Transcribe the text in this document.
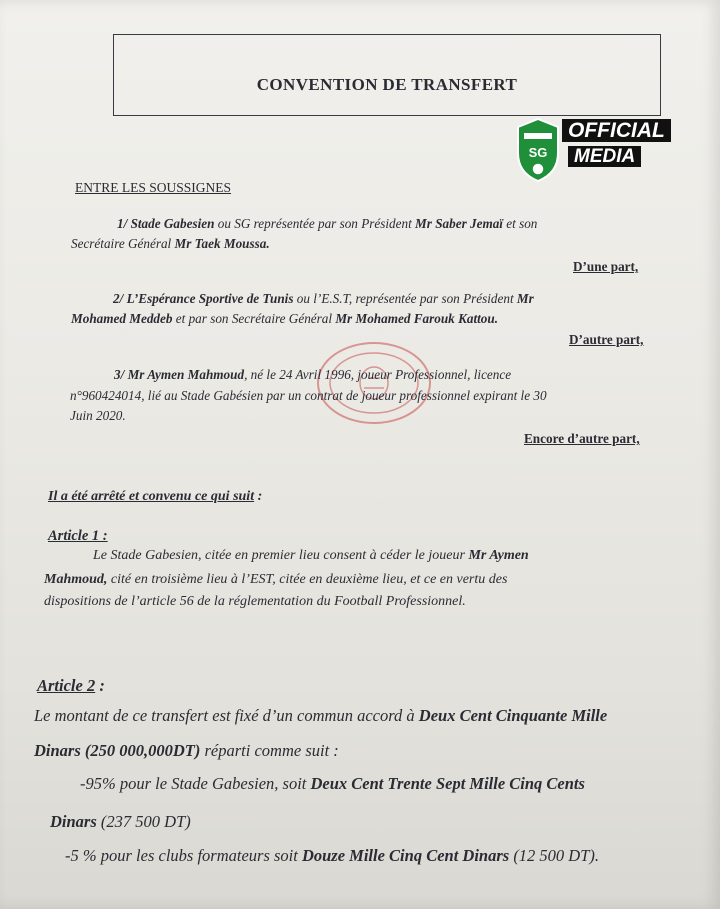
CONVENTION DE TRANSFERT
SG
OFFICIAL
MEDIA
ENTRE LES SOUSSIGNES
1/ Stade Gabesien ou SG représentée par son Président Mr Saber Jemaï et son
Secrétaire Général Mr Taek Moussa.
D’une part,
2/ L’Espérance Sportive de Tunis ou l’E.S.T, représentée par son Président Mr
Mohamed Meddeb et par son Secrétaire Général Mr Mohamed Farouk Kattou.
D’autre part,
3/ Mr Aymen Mahmoud, né le 24 Avril 1996, joueur Professionnel, licence
n°960424014, lié au Stade Gabésien par un contrat de joueur professionnel expirant le 30
Juin 2020.
Encore d’autre part,
Il a été arrêté et convenu ce qui suit :
Article 1 :
Le Stade Gabesien, citée en premier lieu consent à céder le joueur Mr Aymen
Mahmoud, cité en troisième lieu à l’EST, citée en deuxième lieu, et ce en vertu des
dispositions de l’article 56 de la réglementation du Football Professionnel.
Article 2 :
Le montant de ce transfert est fixé d’un commun accord à Deux Cent Cinquante Mille
Dinars (250 000,000DT) réparti comme suit :
-95% pour le Stade Gabesien, soit Deux Cent Trente Sept Mille Cinq Cents
Dinars (237 500 DT)
-5 % pour les clubs formateurs soit Douze Mille Cinq Cent Dinars (12 500 DT).
